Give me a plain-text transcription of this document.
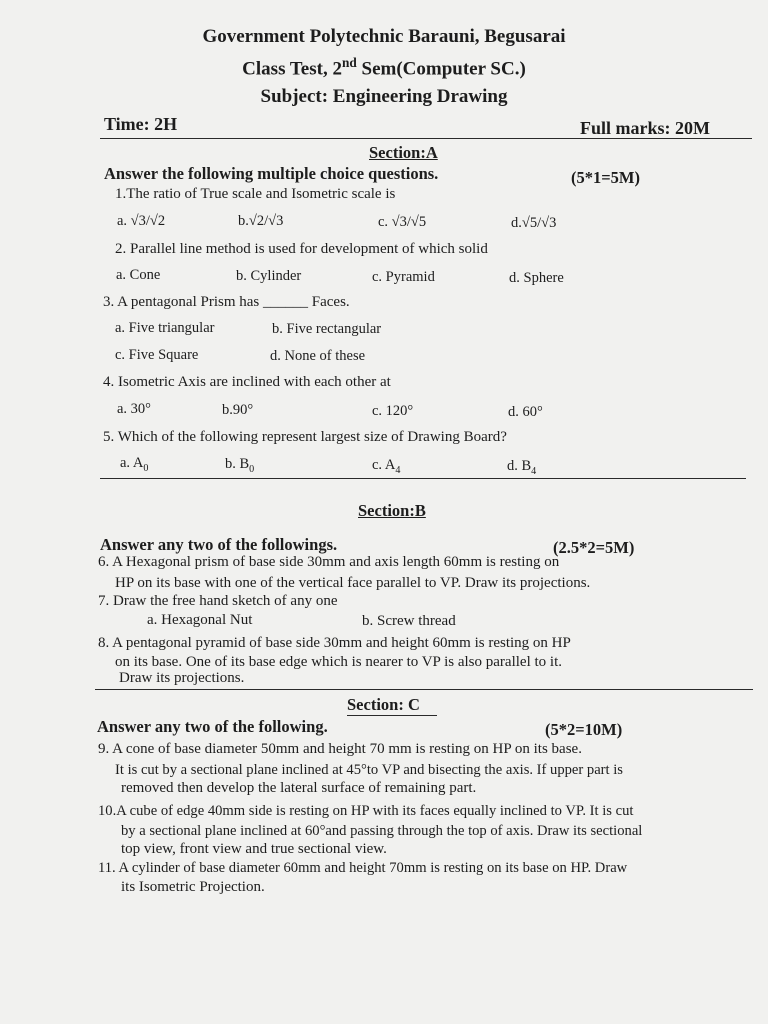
Government Polytechnic Barauni, Begusarai
Class Test, 2nd Sem(Computer SC.)
Subject: Engineering Drawing
Time: 2H	Full marks: 20M
Section:A
Answer the following multiple choice questions.	(5*1=5M)
1.The ratio of True scale and Isometric scale is
a. √3/√2	b.√2/√3	c. √3/√5	d.√5/√3
2. Parallel line method is used for development of which solid
a. Cone	b. Cylinder	c. Pyramid	d. Sphere
3. A pentagonal Prism has ______ Faces.
a. Five triangular	b. Five rectangular
c. Five Square	d. None of these
4. Isometric Axis are inclined with each other at
a. 30°	b.90°	c. 120°	d. 60°
5. Which of the following represent largest size of Drawing Board?
a. $A_0$	b. $B_0$	c. $A_4$	d. $B_4$
Section:B
Answer any two of the followings.	(2.5*2=5M)
6. A Hexagonal prism of base side 30mm and axis length 60mm is resting on
HP on its base with one of the vertical face parallel to VP. Draw its projections.
7. Draw the free hand sketch of any one
a. Hexagonal Nut	b. Screw thread
8. A pentagonal pyramid of base side 30mm and height 60mm is resting on HP
on its base. One of its base edge which is nearer to VP is also parallel to it.
Draw its projections.
Section: C
Answer any two of the following.	(5*2=10M)
9. A cone of base diameter 50mm and height 70 mm is resting on HP on its base.
It is cut by a sectional plane inclined at 45°to VP and bisecting the axis. If upper part is
removed then develop the lateral surface of remaining part.
10.A cube of edge 40mm side is resting on HP with its faces equally inclined to VP. It is cut
by a sectional plane inclined at 60°and passing through the top of axis. Draw its sectional
top view, front view and true sectional view.
11. A cylinder of base diameter 60mm and height 70mm is resting on its base on HP. Draw
its Isometric Projection.
